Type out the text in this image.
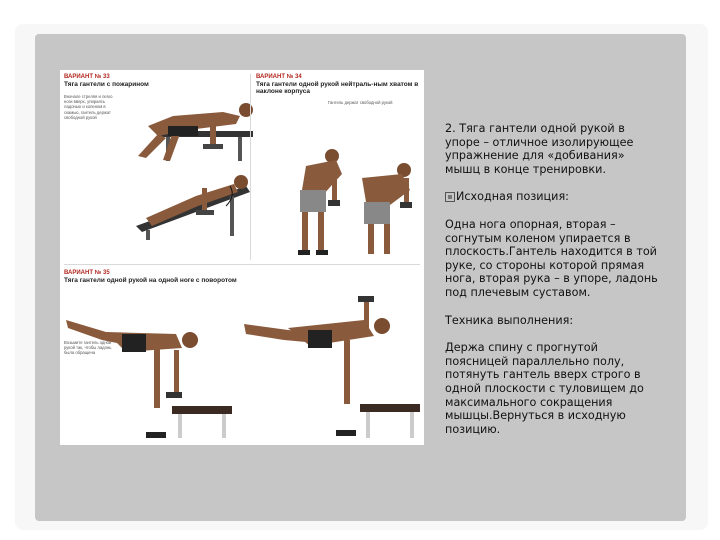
ВАРИАНТ № 33
Тяга гантели с пожарином
Вначале стреляя и легко ноги вверх, упираясь ладонью и коленом в скамью, гантель держат свободной рукой
ВАРИАНТ № 34
Тяга гантели одной рукой нейтраль-ным хватом в наклоне корпуса
Гантель держат свободной рукой
ВАРИАНТ № 35
Тяга гантели одной рукой на одной ноге с поворотом
Возьмите гантель одной рукой так, чтобы ладонь была обращена

2. Тяга гантели одной рукой в упоре – отличное изолирующее упражнение для «добивания» мышц в конце тренировки.

Исходная позиция:

Одна нога опорная, вторая – согнутым коленом упирается в плоскость.Гантель находится в той руке, со стороны которой прямая нога, вторая рука – в упоре, ладонь под плечевым суставом.

Техника выполнения:

Держа спину с прогнутой поясницей параллельно полу, потянуть гантель вверх строго в одной плоскости с туловищем до максимального сокращения мышцы.Вернуться в исходную позицию.
